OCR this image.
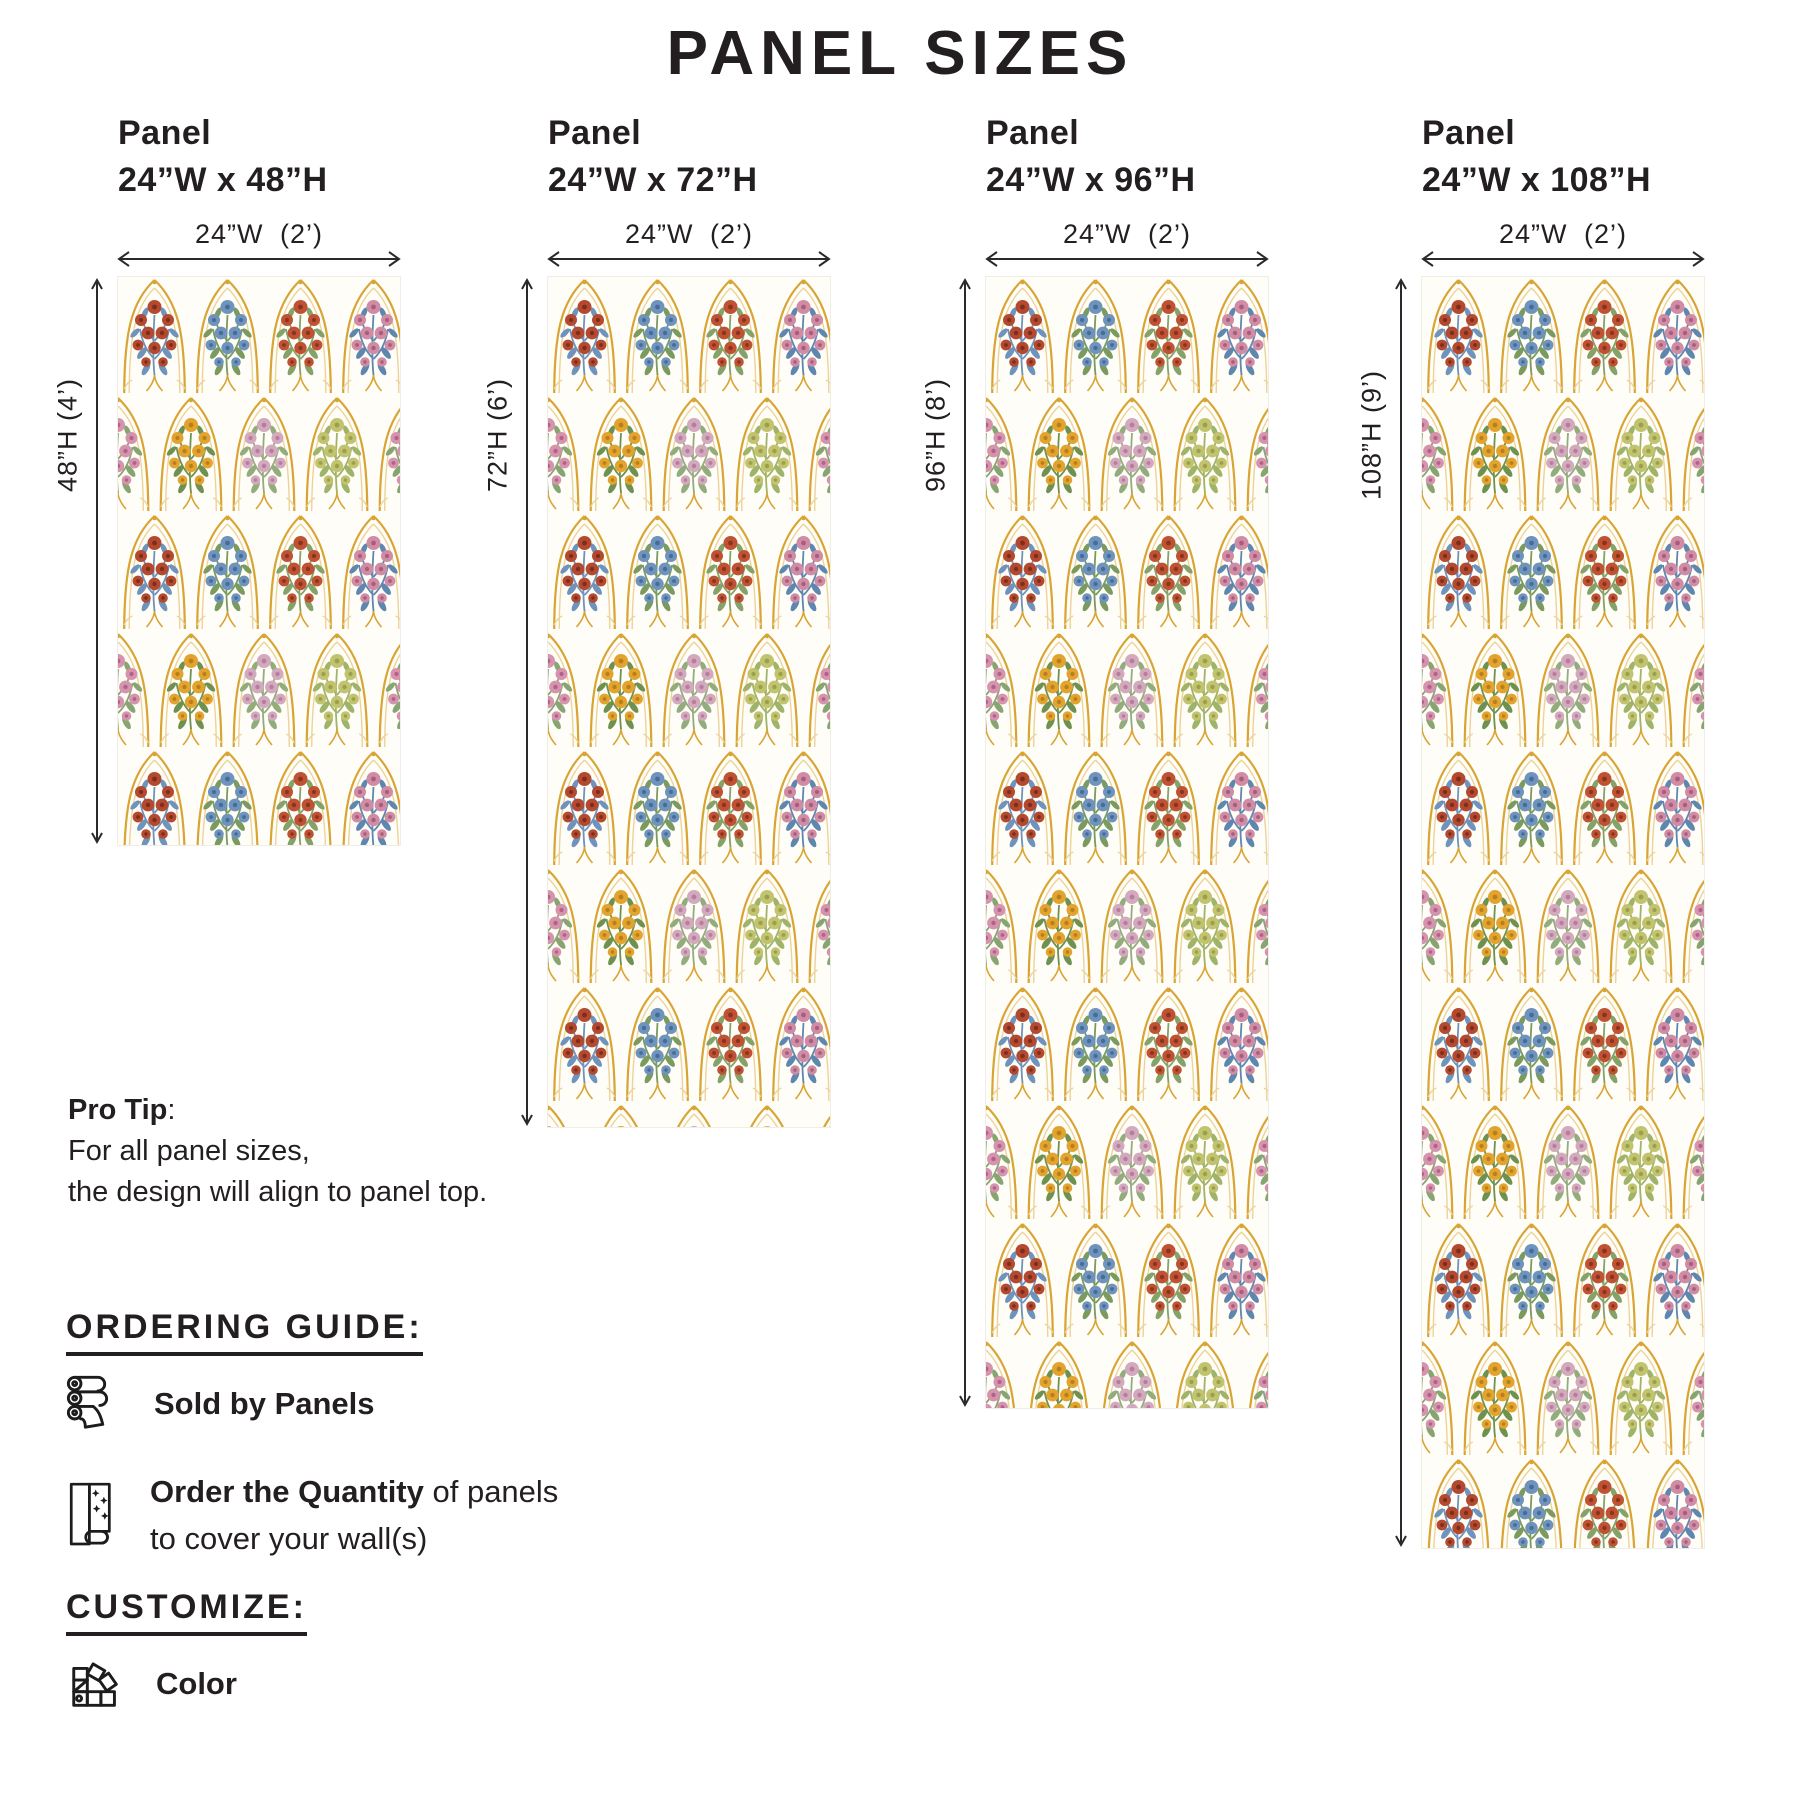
PANEL SIZES
Panel
24”W x 48”H
24”W (2’)
48”H (4’)
Panel
24”W x 72”H
24”W (2’)
72”H (6’)
Panel
24”W x 96”H
24”W (2’)
96”H (8’)
Panel
24”W x 108”H
24”W (2’)
108”H (9’)
Pro Tip:
For all panel sizes,
the design will align to panel top.
ORDERING GUIDE:
Sold by Panels
Order the Quantity of panels
to cover your wall(s)
CUSTOMIZE:
Color
